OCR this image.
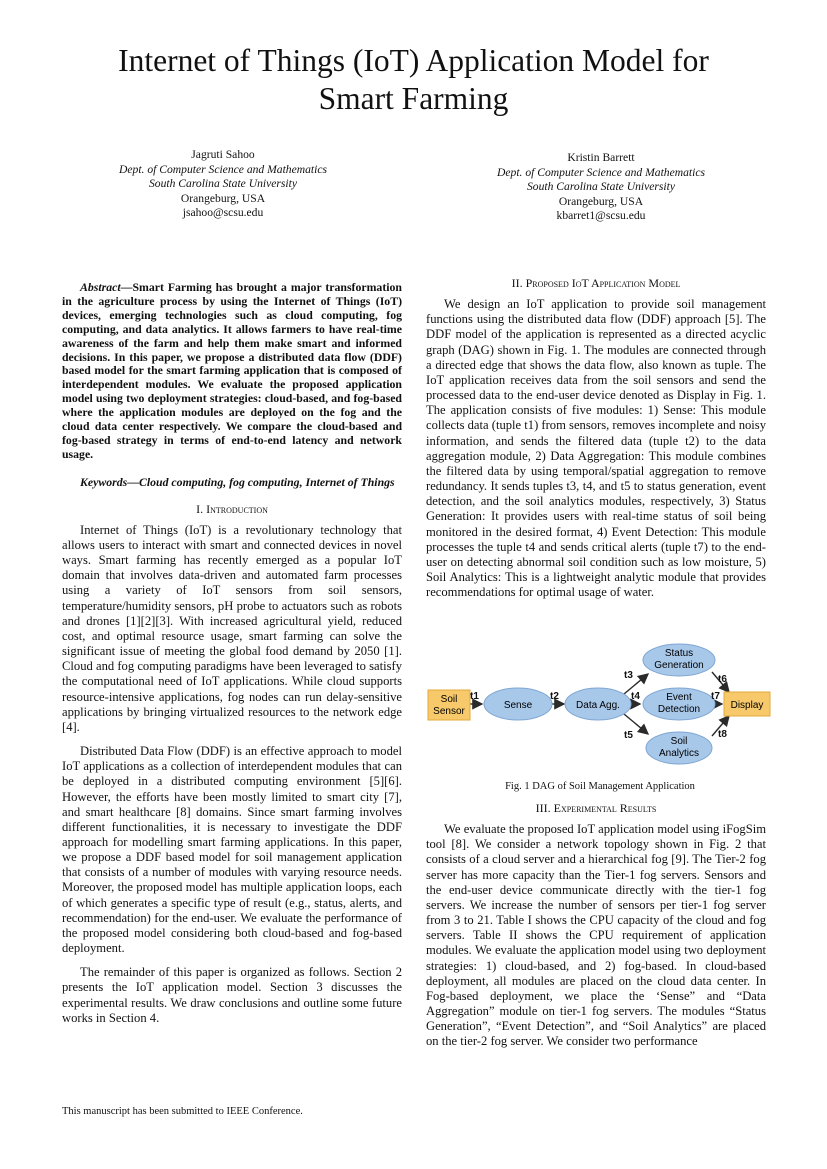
Internet of Things (IoT) Application Model for
Smart Farming
Jagruti Sahoo
Dept. of Computer Science and Mathematics
South Carolina State University
Orangeburg, USA
jsahoo@scsu.edu
Kristin Barrett
Dept. of Computer Science and Mathematics
South Carolina State University
Orangeburg, USA
kbarret1@scsu.edu

Abstract—Smart Farming has brought a major transformation in the agriculture process by using the Internet of Things (IoT) devices, emerging technologies such as cloud computing, fog computing, and data analytics. It allows farmers to have real-time awareness of the farm and help them make smart and informed decisions. In this paper, we propose a distributed data flow (DDF) based model for the smart farming application that is composed of interdependent modules. We evaluate the proposed application model using two deployment strategies: cloud-based, and fog-based where the application modules are deployed on the fog and the cloud data center respectively. We compare the cloud-based and fog-based strategy in terms of end-to-end latency and network usage.

Keywords—Cloud computing, fog computing, Internet of Things

I. Introduction

Internet of Things (IoT) is a revolutionary technology that allows users to interact with smart and connected devices in novel ways. Smart farming has recently emerged as a popular IoT domain that involves data-driven and automated farm processes using a variety of IoT sensors from soil sensors, temperature/humidity sensors, pH probe to actuators such as robots and drones [1][2][3]. With increased agricultural yield, reduced cost, and optimal resource usage, smart farming can solve the significant issue of meeting the global food demand by 2050 [1]. Cloud and fog computing paradigms have been leveraged to satisfy the computational need of IoT applications. While cloud supports resource-intensive applications, fog nodes can run delay-sensitive applications by bringing virtualized resources to the network edge [4].

Distributed Data Flow (DDF) is an effective approach to model IoT applications as a collection of interdependent modules that can be deployed in a distributed computing environment [5][6]. However, the efforts have been mostly limited to smart city [7], and smart healthcare [8] domains. Since smart farming involves different functionalities, it is necessary to investigate the DDF approach for modelling smart farming applications. In this paper, we propose a DDF based model for soil management application that consists of a number of modules with varying resource needs. Moreover, the proposed model has multiple application loops, each of which generates a specific type of result (e.g., status, alerts, and recommendation) for the end-user. We evaluate the performance of the proposed model considering both cloud-based and fog-based deployment.

The remainder of this paper is organized as follows. Section 2 presents the IoT application model. Section 3 discusses the experimental results. We draw conclusions and outline some future works in Section 4.

II. Proposed IoT Application Model

We design an IoT application to provide soil management functions using the distributed data flow (DDF) approach [5]. The DDF model of the application is represented as a directed acyclic graph (DAG) shown in Fig. 1. The modules are connected through a directed edge that shows the data flow, also known as tuple. The IoT application receives data from the soil sensors and send the processed data to the end-user device denoted as Display in Fig. 1. The application consists of five modules: 1) Sense: This module collects data (tuple t1) from sensors, removes incomplete and noisy information, and sends the filtered data (tuple t2) to the data aggregation module, 2) Data Aggregation: This module combines the filtered data by using temporal/spatial aggregation to remove redundancy. It sends tuples t3, t4, and t5 to status generation, event detection, and the soil analytics modules, respectively, 3) Status Generation: It provides users with real-time status of soil being monitored in the desired format, 4) Event Detection: This module processes the tuple t4 and sends critical alerts (tuple t7) to the end-user on detecting abnormal soil condition such as low moisture, 5) Soil Analytics: This is a lightweight analytic module that provides recommendations for optimal usage of water.

Soil
Sensor
Sense	Data Agg.
Status
Generation
Event
Detection
Soil
Analytics
Display
t1	t2
t3
t4
t5
t6
t7
t8
Fig. 1 DAG of Soil Management Application

III. Experimental Results

We evaluate the proposed IoT application model using iFogSim tool [8]. We consider a network topology shown in Fig. 2 that consists of a cloud server and a hierarchical fog [9]. The Tier-2 fog server has more capacity than the Tier-1 fog servers. Sensors and the end-user device communicate directly with the tier-1 fog servers. We increase the number of sensors per tier-1 fog server from 3 to 21. Table I shows the CPU capacity of the cloud and fog servers. Table II shows the CPU requirement of application modules. We evaluate the application model using two deployment strategies: 1) cloud-based, and 2) fog-based. In cloud-based deployment, all modules are placed on the cloud data center. In Fog-based deployment, we place the ‘Sense” and “Data Aggregation” module on tier-1 fog servers. The modules “Status Generation”, “Event Detection”, and “Soil Analytics” are placed on the tier-2 fog server. We consider two performance

This manuscript has been submitted to IEEE Conference.
